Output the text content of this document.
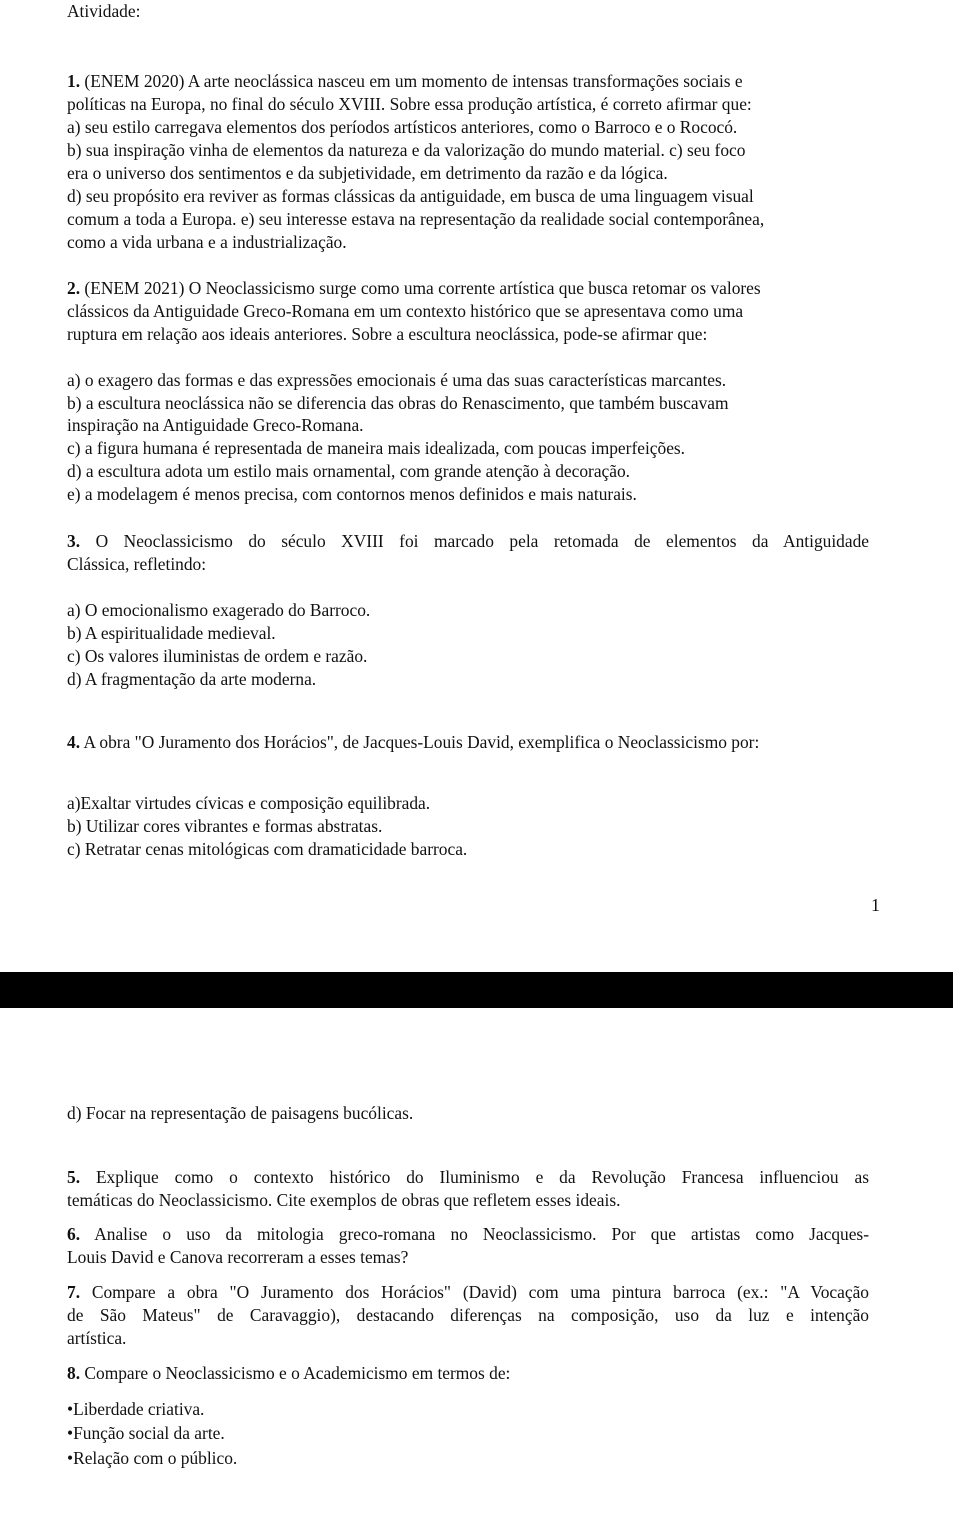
Atividade:
1. (ENEM 2020) A arte neoclássica nasceu em um momento de intensas transformações sociais e
políticas na Europa, no final do século XVIII. Sobre essa produção artística, é correto afirmar que:
a) seu estilo carregava elementos dos períodos artísticos anteriores, como o Barroco e o Rococó.
b) sua inspiração vinha de elementos da natureza e da valorização do mundo material. c) seu foco
era o universo dos sentimentos e da subjetividade, em detrimento da razão e da lógica.
d) seu propósito era reviver as formas clássicas da antiguidade, em busca de uma linguagem visual
comum a toda a Europa. e) seu interesse estava na representação da realidade social contemporânea,
como a vida urbana e a industrialização.
2. (ENEM 2021) O Neoclassicismo surge como uma corrente artística que busca retomar os valores
clássicos da Antiguidade Greco-Romana em um contexto histórico que se apresentava como uma
ruptura em relação aos ideais anteriores. Sobre a escultura neoclássica, pode-se afirmar que:
a) o exagero das formas e das expressões emocionais é uma das suas características marcantes.
b) a escultura neoclássica não se diferencia das obras do Renascimento, que também buscavam
inspiração na Antiguidade Greco-Romana.
c) a figura humana é representada de maneira mais idealizada, com poucas imperfeições.
d) a escultura adota um estilo mais ornamental, com grande atenção à decoração.
e) a modelagem é menos precisa, com contornos menos definidos e mais naturais.
3. O Neoclassicismo do século XVIII foi marcado pela retomada de elementos da Antiguidade
Clássica, refletindo:
a) O emocionalismo exagerado do Barroco.
b) A espiritualidade medieval.
c) Os valores iluministas de ordem e razão.
d) A fragmentação da arte moderna.
4. A obra "O Juramento dos Horácios", de Jacques-Louis David, exemplifica o Neoclassicismo por:
a)Exaltar virtudes cívicas e composição equilibrada.
b) Utilizar cores vibrantes e formas abstratas.
c) Retratar cenas mitológicas com dramaticidade barroca.
1
d) Focar na representação de paisagens bucólicas.
5. Explique como o contexto histórico do Iluminismo e da Revolução Francesa influenciou as
temáticas do Neoclassicismo. Cite exemplos de obras que refletem esses ideais.
6. Analise o uso da mitologia greco-romana no Neoclassicismo. Por que artistas como Jacques-
Louis David e Canova recorreram a esses temas?
7. Compare a obra "O Juramento dos Horácios" (David) com uma pintura barroca (ex.: "A Vocação
de São Mateus" de Caravaggio), destacando diferenças na composição, uso da luz e intenção
artística.
8. Compare o Neoclassicismo e o Academicismo em termos de:
•Liberdade criativa.
•Função social da arte.
•Relação com o público.
